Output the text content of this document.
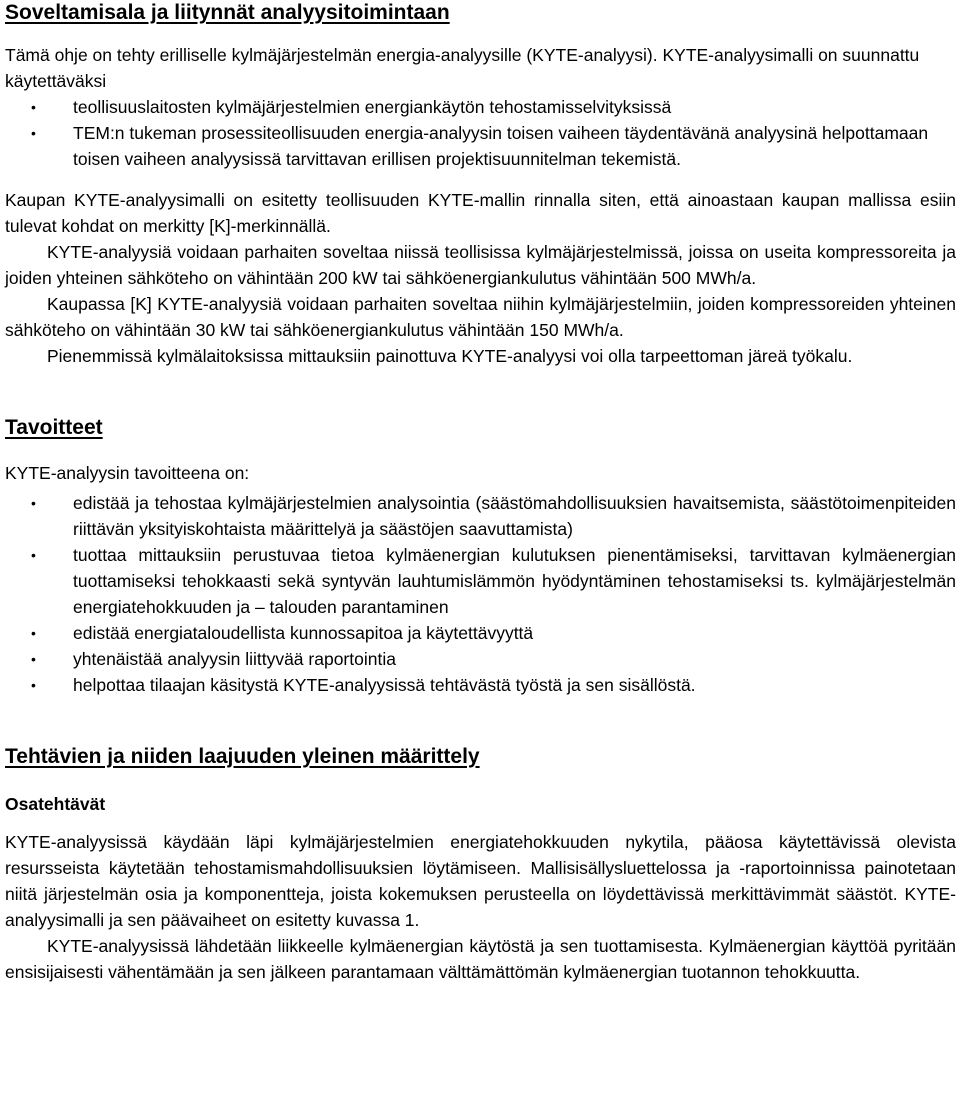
Soveltamisala ja liitynnät analyysitoimintaan

Tämä ohje on tehty erilliselle kylmäjärjestelmän energia-analyysille (KYTE-analyysi). KYTE-analyysimalli on suunnattu käytettäväksi

• teollisuuslaitosten kylmäjärjestelmien energiankäytön tehostamisselvityksissä
• TEM:n tukeman prosessiteollisuuden energia-analyysin toisen vaiheen täydentävänä analyysinä helpottamaan toisen vaiheen analyysissä tarvittavan erillisen projektisuunnitelman tekemistä.

Kaupan KYTE-analyysimalli on esitetty teollisuuden KYTE-mallin rinnalla siten, että ainoastaan kaupan mallissa esiin tulevat kohdat on merkitty [K]-merkinnällä.

KYTE-analyysiä voidaan parhaiten soveltaa niissä teollisissa kylmäjärjestelmissä, joissa on useita kompressoreita ja joiden yhteinen sähköteho on vähintään 200 kW tai sähköenergiankulutus vähintään 500 MWh/a.

Kaupassa [K] KYTE-analyysiä voidaan parhaiten soveltaa niihin kylmäjärjestelmiin, joiden kompressoreiden yhteinen sähköteho on vähintään 30 kW tai sähköenergiankulutus vähintään 150 MWh/a.

Pienemmissä kylmälaitoksissa mittauksiin painottuva KYTE-analyysi voi olla tarpeettoman järeä työkalu.

Tavoitteet

KYTE-analyysin tavoitteena on:

• edistää ja tehostaa kylmäjärjestelmien analysointia (säästömahdollisuuksien havaitsemista, säästötoimenpiteiden riittävän yksityiskohtaista määrittelyä ja säästöjen saavuttamista)
• tuottaa mittauksiin perustuvaa tietoa kylmäenergian kulutuksen pienentämiseksi, tarvittavan kylmäenergian tuottamiseksi tehokkaasti sekä syntyvän lauhtumislämmön hyödyntäminen tehostamiseksi ts. kylmäjärjestelmän energiatehokkuuden ja – talouden parantaminen
• edistää energiataloudellista kunnossapitoa ja käytettävyyttä
• yhtenäistää analyysin liittyvää raportointia
• helpottaa tilaajan käsitystä KYTE-analyysissä tehtävästä työstä ja sen sisällöstä.
Tehtävien ja niiden laajuuden yleinen määrittely

Osatehtävät

KYTE-analyysissä käydään läpi kylmäjärjestelmien energiatehokkuuden nykytila, pääosa käytettävissä olevista resursseista käytetään tehostamismahdollisuuksien löytämiseen. Mallisisällysluettelossa ja -raportoinnissa painotetaan niitä järjestelmän osia ja komponentteja, joista kokemuksen perusteella on löydettävissä merkittävimmät säästöt. KYTE-analyysimalli ja sen päävaiheet on esitetty kuvassa 1.

KYTE-analyysissä lähdetään liikkeelle kylmäenergian käytöstä ja sen tuottamisesta. Kylmäenergian käyttöä pyritään ensisijaisesti vähentämään ja sen jälkeen parantamaan välttämättömän kylmäenergian tuotannon tehokkuutta.
